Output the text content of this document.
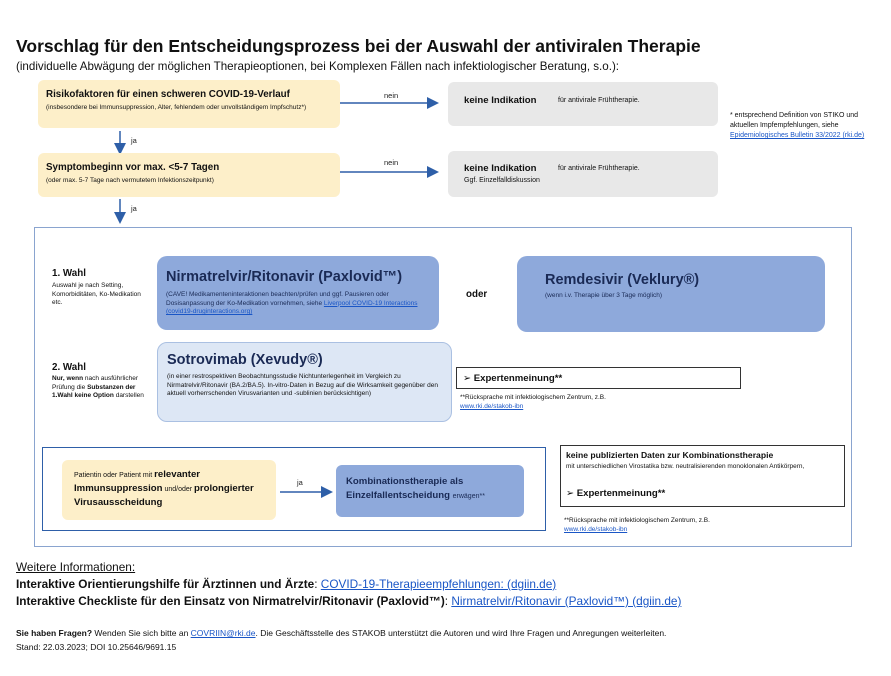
Vorschlag für den Entscheidungsprozess bei der Auswahl der antiviralen Therapie
(individuelle Abwägung der möglichen Therapieoptionen, bei Komplexen Fällen nach infektiologischer Beratung, s.o.):
Risikofaktoren für einen schweren COVID-19-Verlauf
(insbesondere bei Immunsuppression, Alter, fehlendem oder unvollständigem Impfschutz*)
nein	keine Indikation	für antivirale Frühtherapie.
ja
* entsprechend Definition von STIKO und aktuellen Impfempfehlungen, siehe Epidemiologisches Bulletin 33/2022 (rki.de)
Symptombeginn vor max. <5-7 Tagen
(oder max. 5-7 Tage nach vermutetem Infektionszeitpunkt)
nein
keine Indikation	für antivirale Frühtherapie.
Ggf. Einzelfalldiskussion
ja
1. Wahl
Auswahl je nach Setting, Komorbiditäten, Ko-Medikation etc.
Nirmatrelvir/Ritonavir (Paxlovid™)
(CAVE! Medikamenteninteraktionen beachten/prüfen und ggf. Pausieren oder Dosisanpassung der Ko-Medikation vornehmen, siehe Liverpool COVID-19 Interactions (covid19-druginteractions.org)
oder
Remdesivir (Veklury®)
(wenn i.v. Therapie über 3 Tage möglich)
2. Wahl
Nur, wenn nach ausführlicher Prüfung die Substanzen der 1.Wahl keine Option darstellen
Sotrovimab (Xevudy®)
(in einer restrospektiven Beobachtungsstudie Nichtunterlegenheit im Vergleich zu Nirmatrelvir/Ritonavir (BA.2/BA.5). In-vitro-Daten in Bezug auf die Wirksamkeit gegenüber den aktuell vorherrschenden Virusvarianten und -sublinien berücksichtigen)
➢ Expertenmeinung**
**Rücksprache mit infektiologischem Zentrum, z.B.
www.rki.de/stakob-ibn
Patientin oder Patient mit relevanter Immunsuppression und/oder prolongierter Virusausscheidung
ja	Kombinationstherapie als Einzelfallentscheidung erwägen**
keine publizierten Daten zur Kombinationstherapie
mit unterschiedlichen Virostatika bzw. neutralisierenden monoklonalen Antikörpern,
➢ Expertenmeinung**
**Rücksprache mit infektiologischem Zentrum, z.B.
www.rki.de/stakob-ibn
Weitere Informationen:
Interaktive Orientierungshilfe für Ärztinnen und Ärzte: COVID-19-Therapieempfehlungen: (dgiin.de)
Interaktive Checkliste für den Einsatz von Nirmatrelvir/Ritonavir (Paxlovid™): Nirmatrelvir/Ritonavir (Paxlovid™) (dgiin.de)
Sie haben Fragen? Wenden Sie sich bitte an COVRIIN@rki.de. Die Geschäftsstelle des STAKOB unterstützt die Autoren und wird Ihre Fragen und Anregungen weiterleiten.
Stand: 22.03.2023; DOI 10.25646/9691.15
